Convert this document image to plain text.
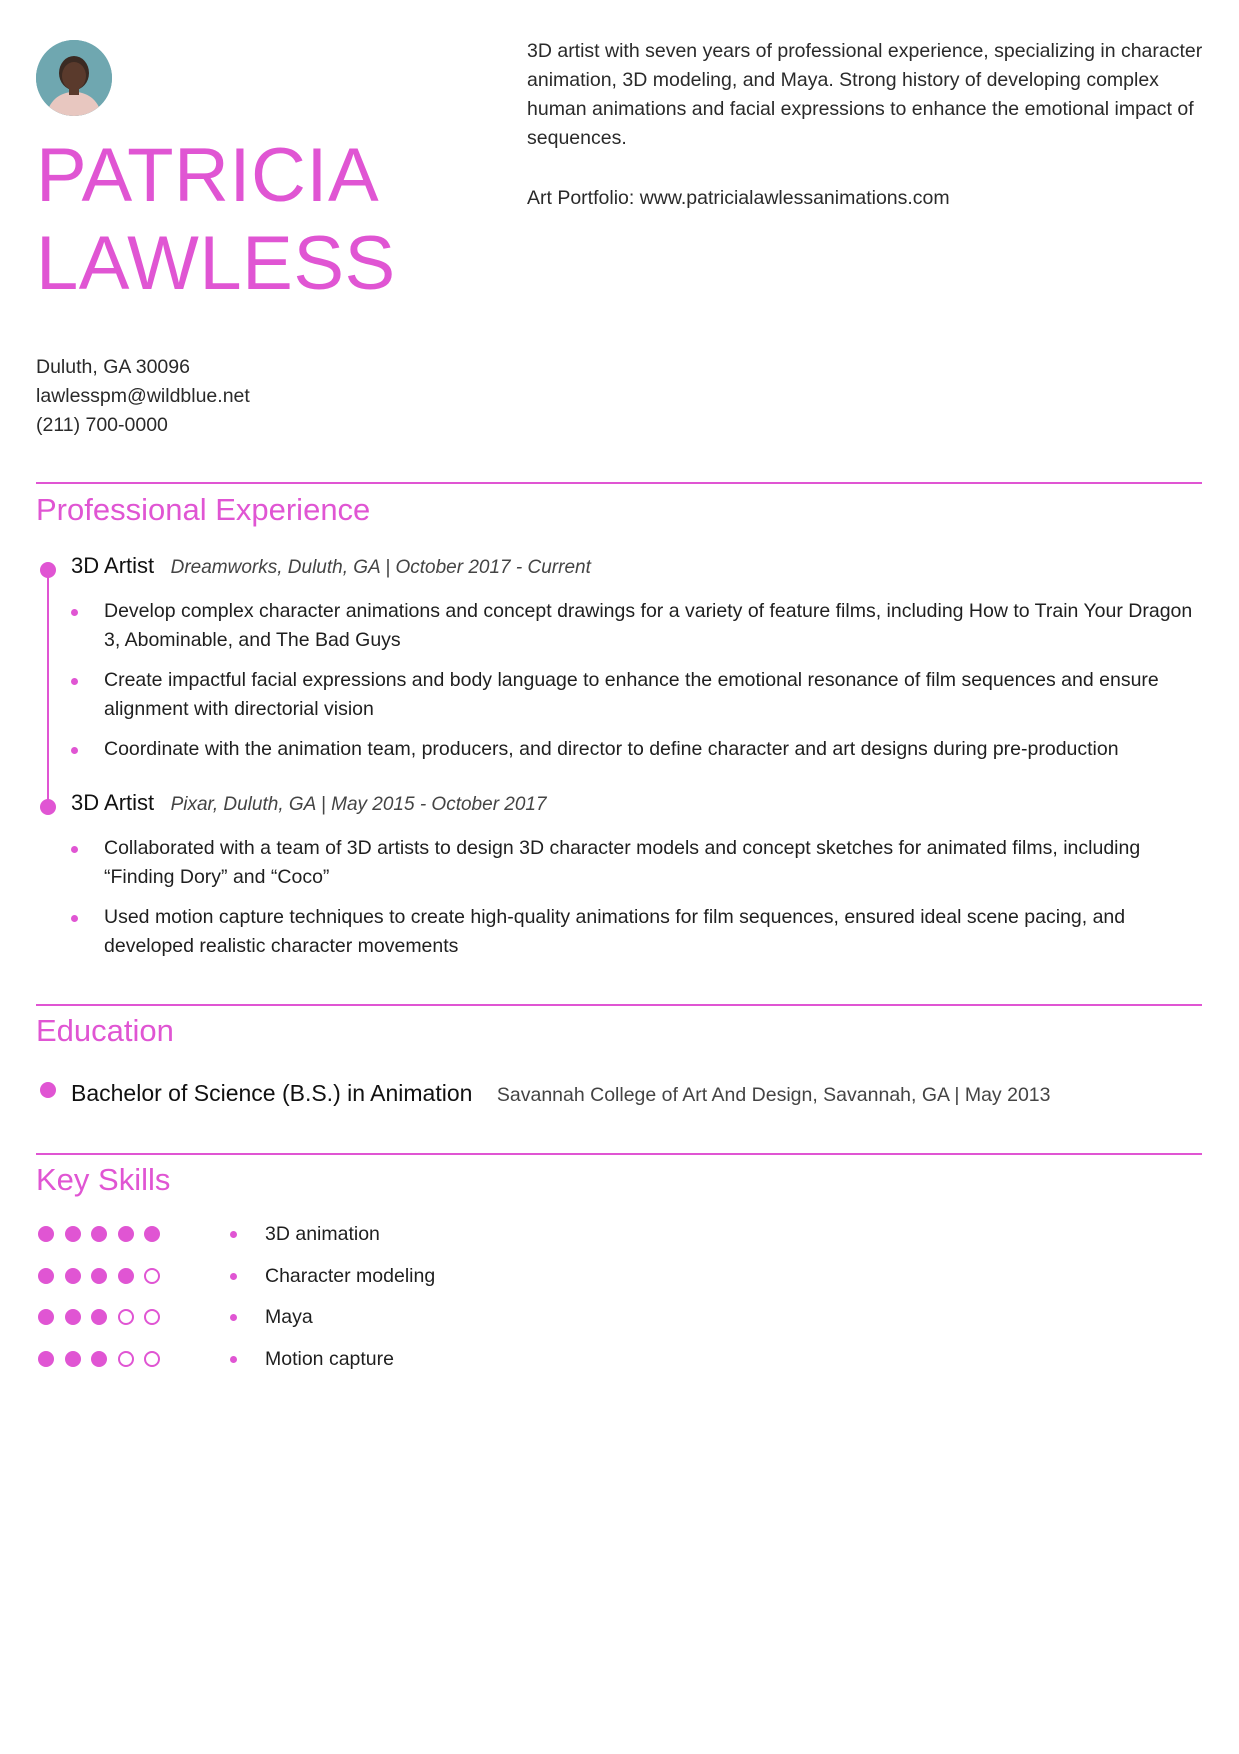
PATRICIA
LAWLESS

3D artist with seven years of professional experience, specializing in character animation, 3D modeling, and Maya. Strong history of developing complex human animations and facial expressions to enhance the emotional impact of sequences.

Art Portfolio: www.patricialawlessanimations.com
Duluth, GA 30096
lawlesspm@wildblue.net
(211) 700-0000
Professional Experience
3D Artist Dreamworks, Duluth, GA | October 2017 - Current
Develop complex character animations and concept drawings for a variety of feature films, including How to Train Your Dragon 3, Abominable, and The Bad Guys
Create impactful facial expressions and body language to enhance the emotional resonance of film sequences and ensure alignment with directorial vision
Coordinate with the animation team, producers, and director to define character and art designs during pre-production
3D Artist Pixar, Duluth, GA | May 2015 - October 2017
Collaborated with a team of 3D artists to design 3D character models and concept sketches for animated films, including “Finding Dory” and “Coco”
Used motion capture techniques to create high-quality animations for film sequences, ensured ideal scene pacing, and developed realistic character movements
Education
Bachelor of Science (B.S.) in Animation Savannah College of Art And Design, Savannah, GA | May 2013
Key Skills
3D animation
Character modeling
Maya
Motion capture
